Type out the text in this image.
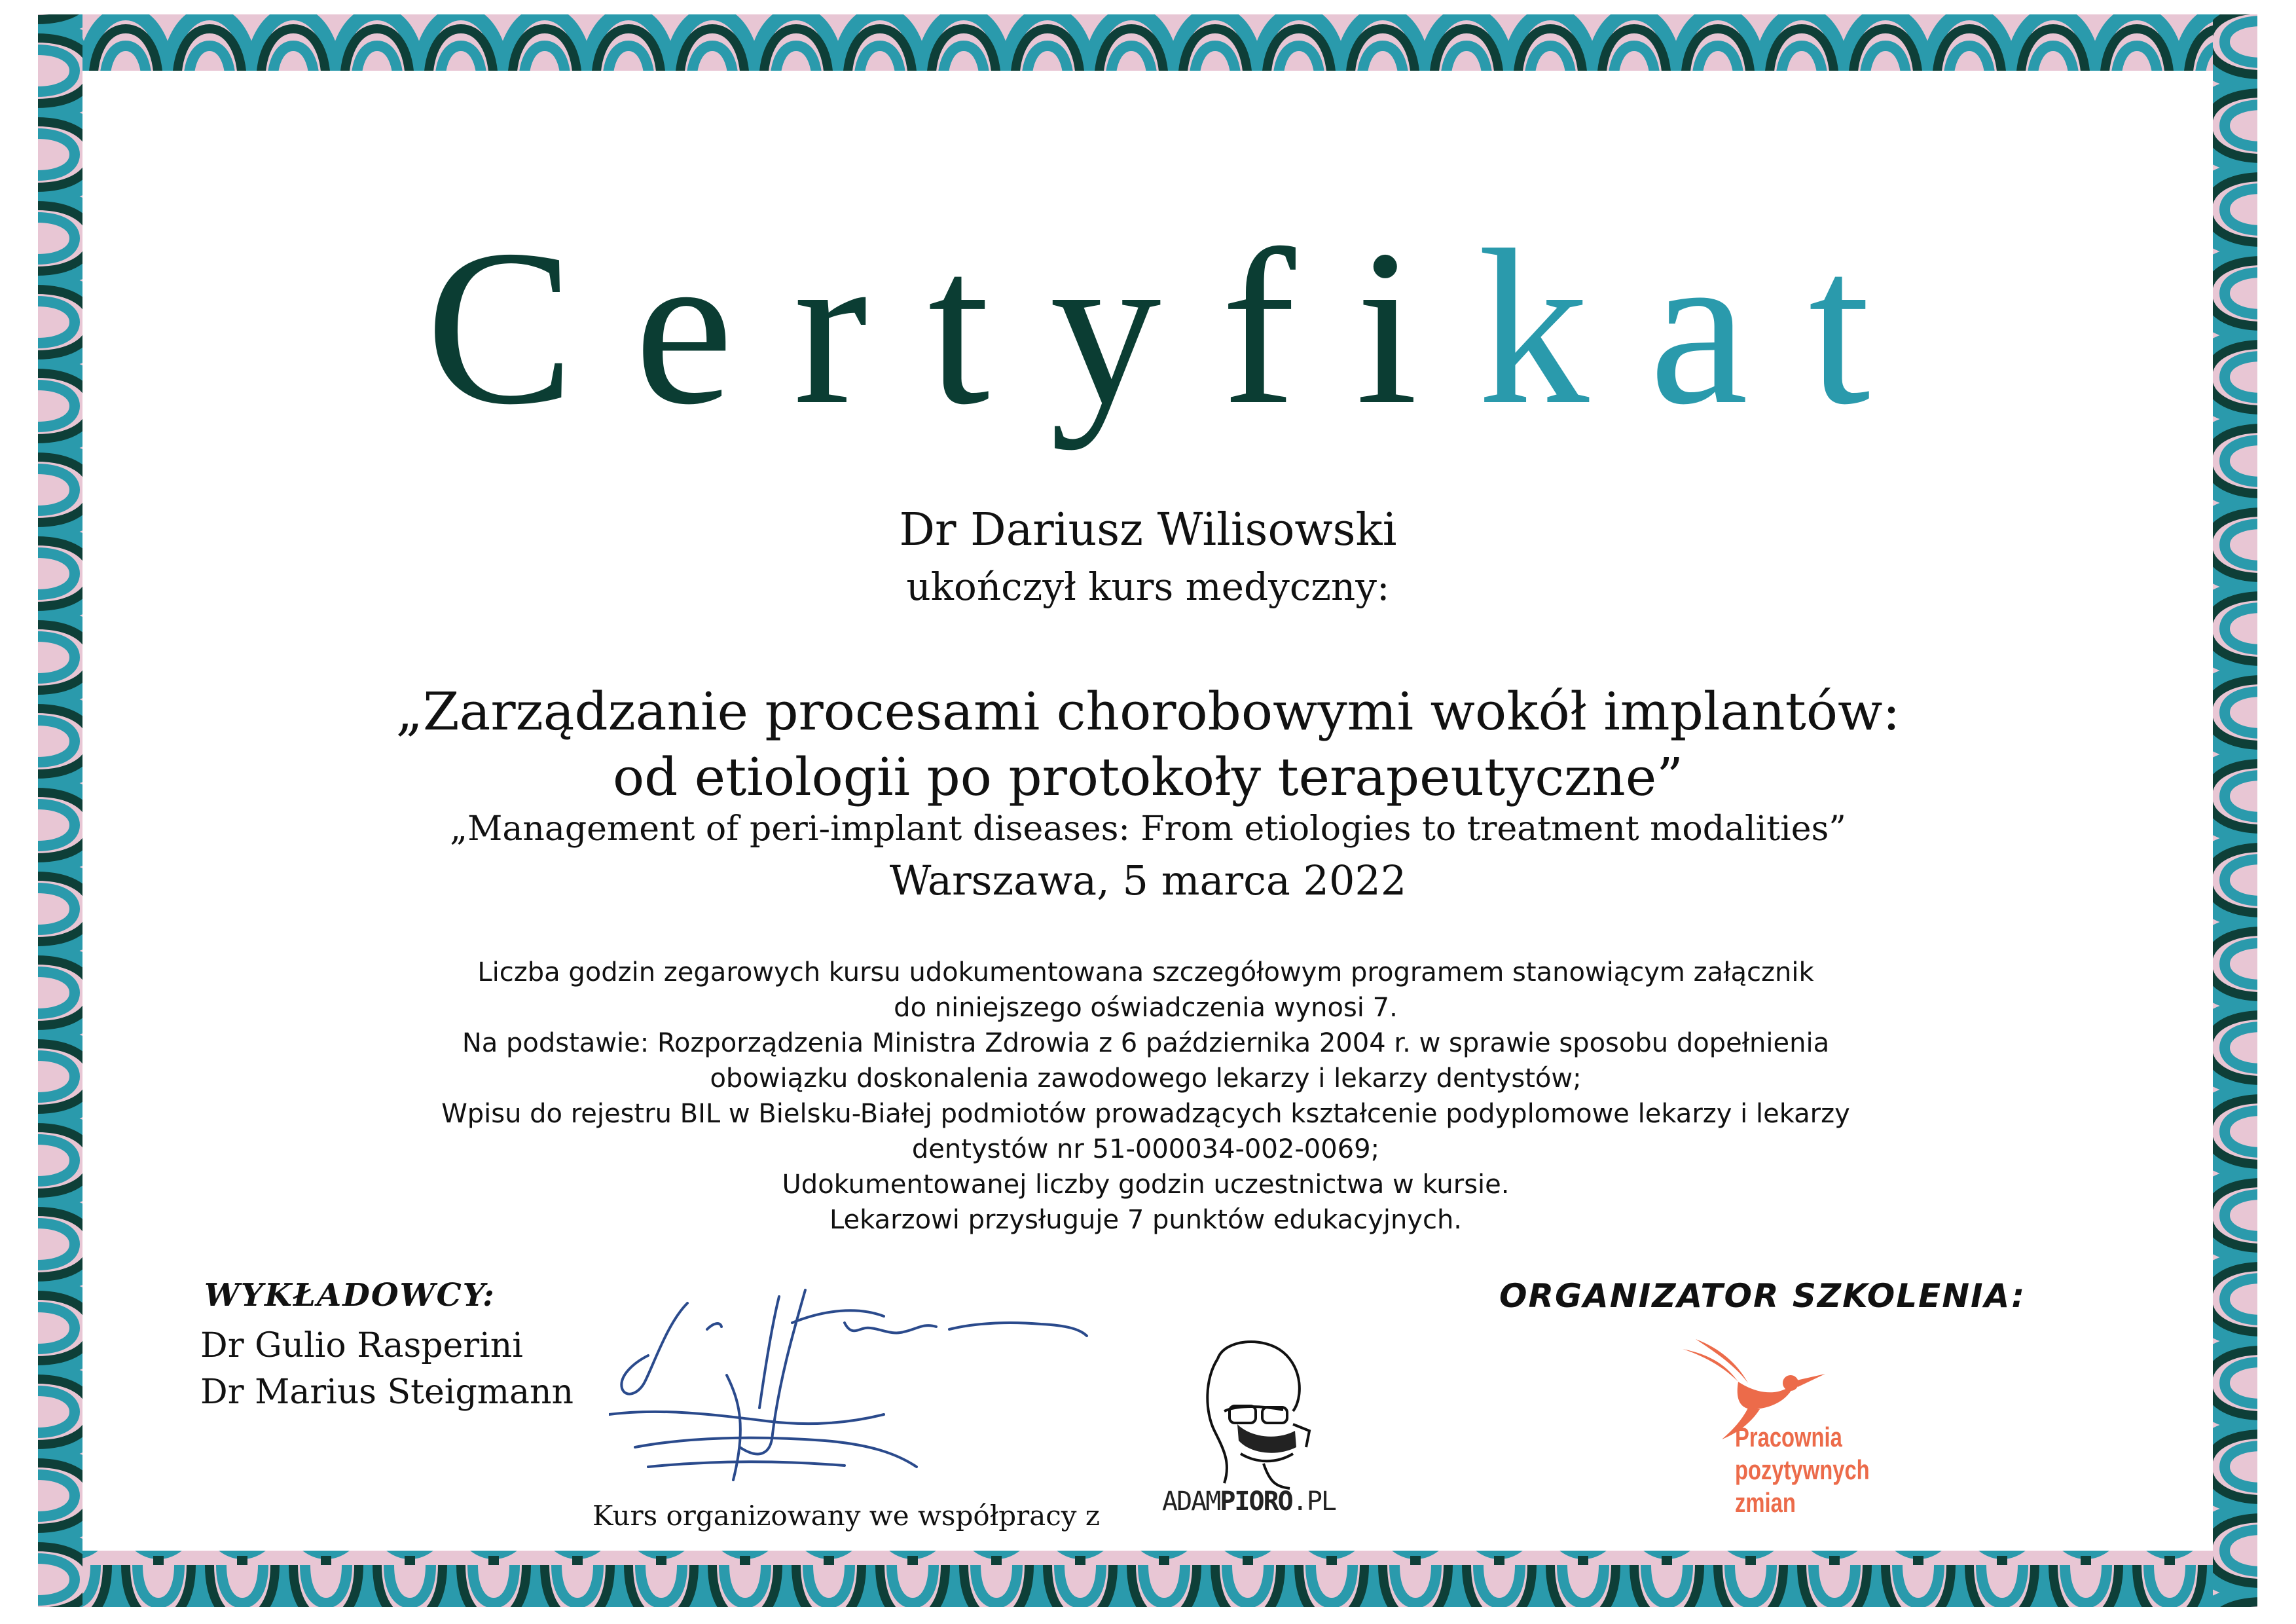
Certyfikat
Dr Dariusz Wilisowski
ukończył kurs medyczny:
„Zarządzanie procesami chorobowymi wokół implantów:
od etiologii po protokoły terapeutyczne”
„Management of peri-implant diseases: From etiologies to treatment modalities”
Warszawa, 5 marca 2022
Liczba godzin zegarowych kursu udokumentowana szczegółowym programem stanowiącym załącznik
do niniejszego oświadczenia wynosi 7.
Na podstawie: Rozporządzenia Ministra Zdrowia z 6 października 2004 r. w sprawie sposobu dopełnienia
obowiązku doskonalenia zawodowego lekarzy i lekarzy dentystów;
Wpisu do rejestru BIL w Bielsku-Białej podmiotów prowadzących kształcenie podyplomowe lekarzy i lekarzy
dentystów nr 51-000034-002-0069;
Udokumentowanej liczby godzin uczestnictwa w kursie.
Lekarzowi przysługuje 7 punktów edukacyjnych.
WYKŁADOWCY:
Dr Gulio Rasperini
Dr Marius Steigmann
ORGANIZATOR SZKOLENIA:
Kurs organizowany we współpracy z ADAMPIORO.PL
Pracownia
pozytywnych
zmian
